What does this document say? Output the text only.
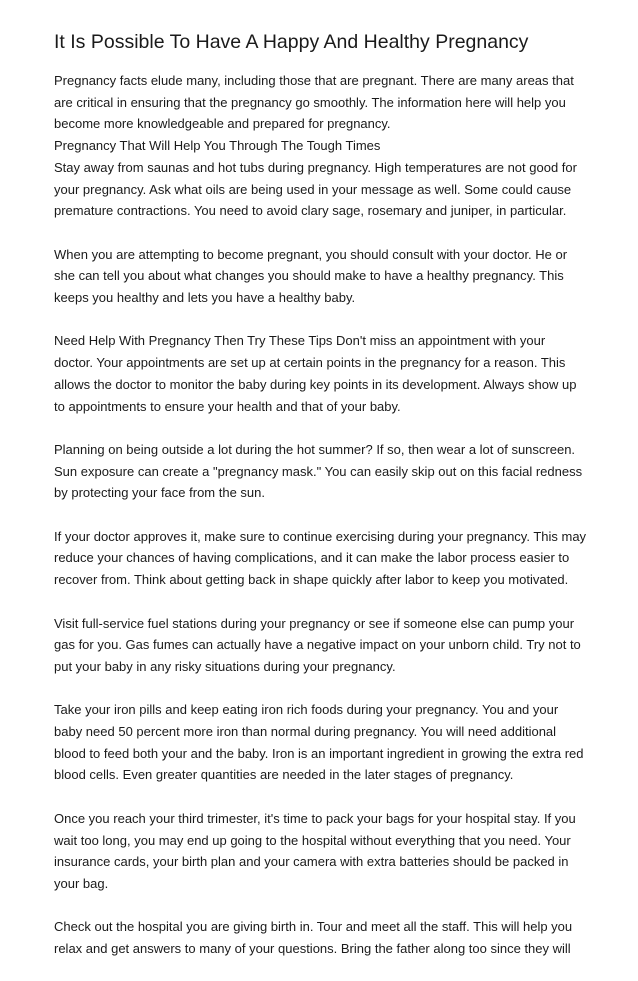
It Is Possible To Have A Happy And Healthy Pregnancy

Pregnancy facts elude many, including those that are pregnant. There are many areas that
are critical in ensuring that the pregnancy go smoothly. The information here will help you
become more knowledgeable and prepared for pregnancy.
Pregnancy That Will Help You Through The Tough Times
Stay away from saunas and hot tubs during pregnancy. High temperatures are not good for
your pregnancy. Ask what oils are being used in your message as well. Some could cause
premature contractions. You need to avoid clary sage, rosemary and juniper, in particular.

When you are attempting to become pregnant, you should consult with your doctor. He or
she can tell you about what changes you should make to have a healthy pregnancy. This
keeps you healthy and lets you have a healthy baby.

Need Help With Pregnancy Then Try These Tips Don't miss an appointment with your
doctor. Your appointments are set up at certain points in the pregnancy for a reason. This
allows the doctor to monitor the baby during key points in its development. Always show up
to appointments to ensure your health and that of your baby.

Planning on being outside a lot during the hot summer? If so, then wear a lot of sunscreen.
Sun exposure can create a "pregnancy mask." You can easily skip out on this facial redness
by protecting your face from the sun.

If your doctor approves it, make sure to continue exercising during your pregnancy. This may
reduce your chances of having complications, and it can make the labor process easier to
recover from. Think about getting back in shape quickly after labor to keep you motivated.

Visit full-service fuel stations during your pregnancy or see if someone else can pump your
gas for you. Gas fumes can actually have a negative impact on your unborn child. Try not to
put your baby in any risky situations during your pregnancy.

Take your iron pills and keep eating iron rich foods during your pregnancy. You and your
baby need 50 percent more iron than normal during pregnancy. You will need additional
blood to feed both your and the baby. Iron is an important ingredient in growing the extra red
blood cells. Even greater quantities are needed in the later stages of pregnancy.

Once you reach your third trimester, it's time to pack your bags for your hospital stay. If you
wait too long, you may end up going to the hospital without everything that you need. Your
insurance cards, your birth plan and your camera with extra batteries should be packed in
your bag.

Check out the hospital you are giving birth in. Tour and meet all the staff. This will help you
relax and get answers to many of your questions. Bring the father along too since they will
